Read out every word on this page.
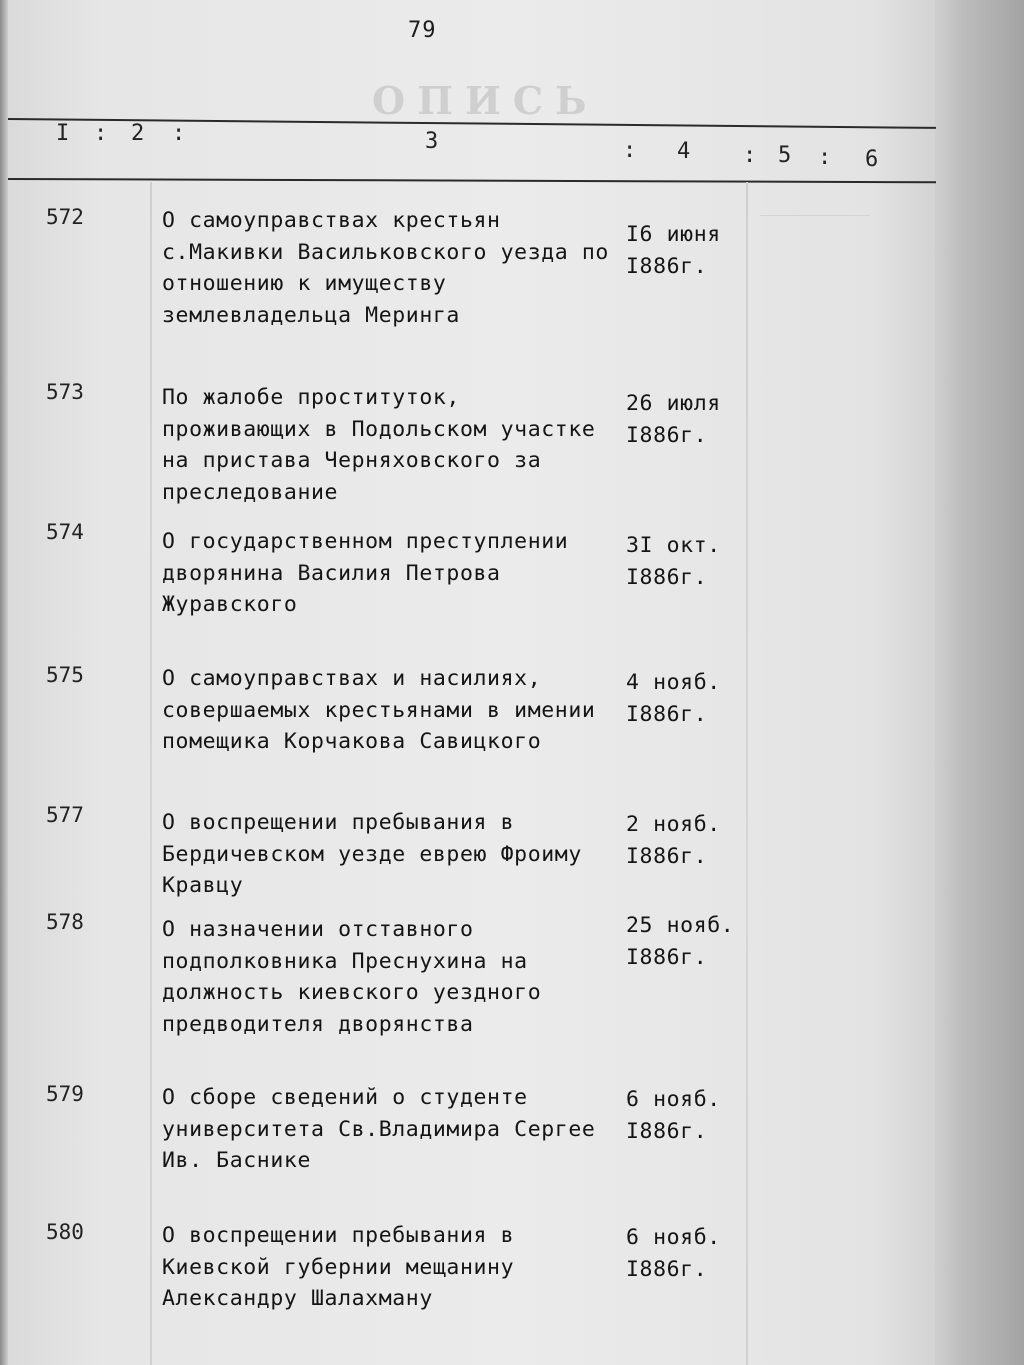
79
ОПИСЬ
I : 2 :	3	: 4 : 5 : 6
572	О самоуправствах крестьян с.Макивки Васильковского уезда по отношению к имуществу землевладельца Меринга
I6 июня
I886г.
573	По жалобе проституток, проживающих в Подольском участке на пристава Черняховского за преследование
26 июля
I886г.
574	О государственном преступлении дворянина Василия Петрова Журавского
3I окт.
I886г.
575	О самоуправствах и насилиях, совершаемых крестьянами в имении помещика Корчакова Савицкого
4 нояб.
I886г.
577	О воспрещении пребывания в Бердичевском уезде еврею Фроиму Кравцу
2 нояб.
I886г.
578	О назначении отставного подполковника Преснухина на должность киевского уездного предводителя дворянства
25 нояб.
I886г.
579	О сборе сведений о студенте университета Св.Владимира Сергее Ив. Баснике
6 нояб.
I886г.
580	О воспрещении пребывания в Киевской губернии мещанину Александру Шалахману
6 нояб.
I886г.
